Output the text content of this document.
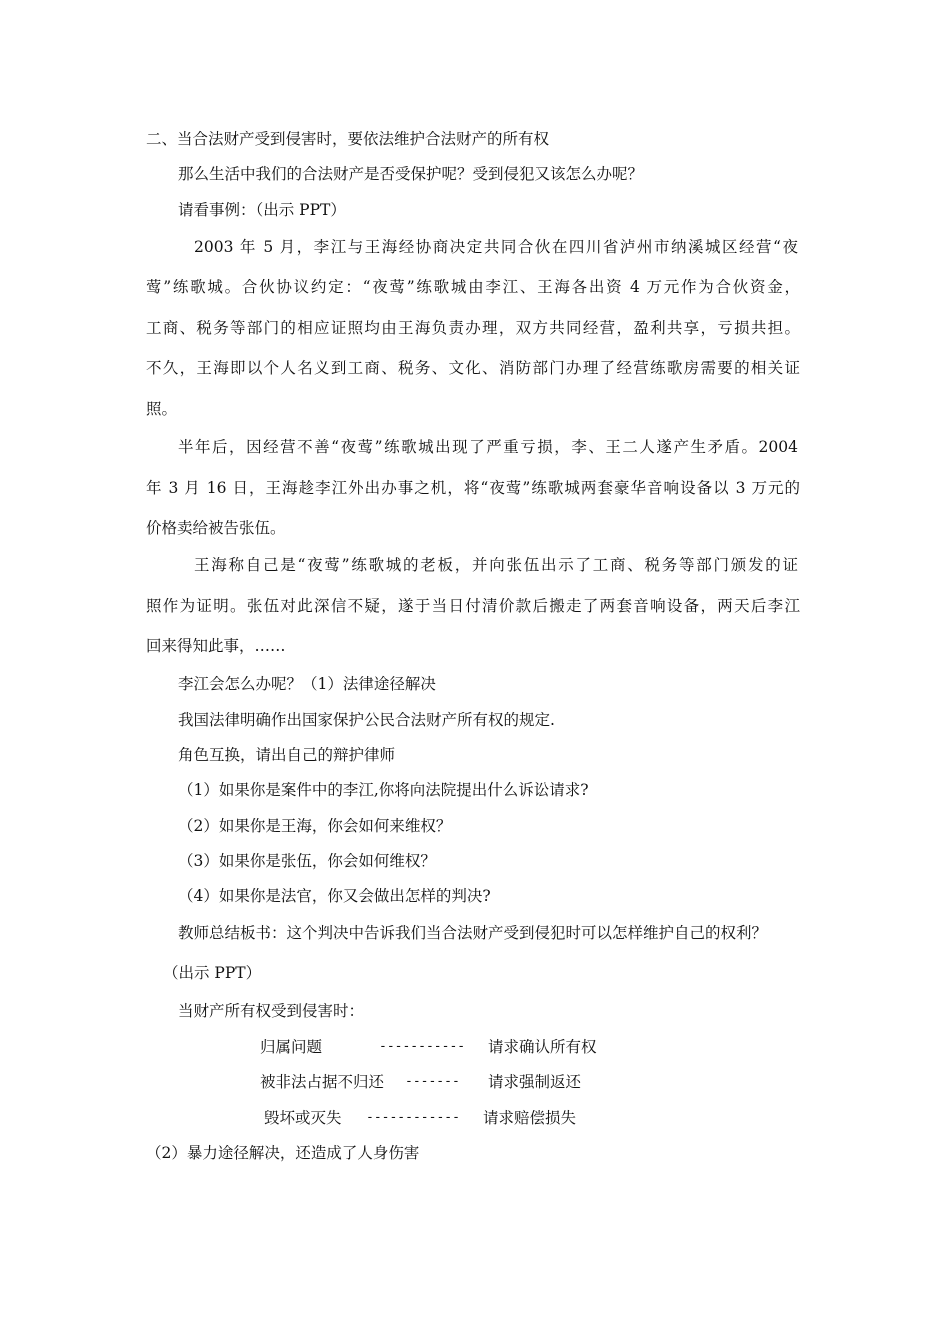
二、当合法财产受到侵害时，要依法维护合法财产的所有权
那么生活中我们的合法财产是否受保护呢？受到侵犯又该怎么办呢？
请看事例：（出示 PPT）
2003 年 5 月，李江与王海经协商决定共同合伙在四川省泸州市纳溪城区经营“夜
莺”练歌城。合伙协议约定：“夜莺”练歌城由李江、王海各出资 4 万元作为合伙资金，
工商、税务等部门的相应证照均由王海负责办理，双方共同经营，盈利共享，亏损共担。
不久，王海即以个人名义到工商、税务、文化、消防部门办理了经营练歌房需要的相关证
照。
半年后，因经营不善“夜莺”练歌城出现了严重亏损，李、王二人遂产生矛盾。2004
年 3 月 16 日，王海趁李江外出办事之机，将“夜莺”练歌城两套豪华音响设备以 3 万元的
价格卖给被告张伍。
王海称自己是“夜莺”练歌城的老板，并向张伍出示了工商、税务等部门颁发的证
照作为证明。张伍对此深信不疑，遂于当日付清价款后搬走了两套音响设备，两天后李江
回来得知此事，……
李江会怎么办呢？（1）法律途径解决
我国法律明确作出国家保护公民合法财产所有权的规定.
角色互换，请出自己的辩护律师
（1）如果你是案件中的李江,你将向法院提出什么诉讼请求?
（2）如果你是王海，你会如何来维权？
（3）如果你是张伍，你会如何维权？
（4）如果你是法官，你又会做出怎样的判决?
教师总结板书：这个判决中告诉我们当合法财产受到侵犯时可以怎样维护自己的权利？
（出示 PPT）
当财产所有权受到侵害时：
归属问题	----------- 请求确认所有权
被非法占据不归还 ------- 请求强制返还
毁坏或灭失 ------------ 请求赔偿损失
（2）暴力途径解决，还造成了人身伤害
